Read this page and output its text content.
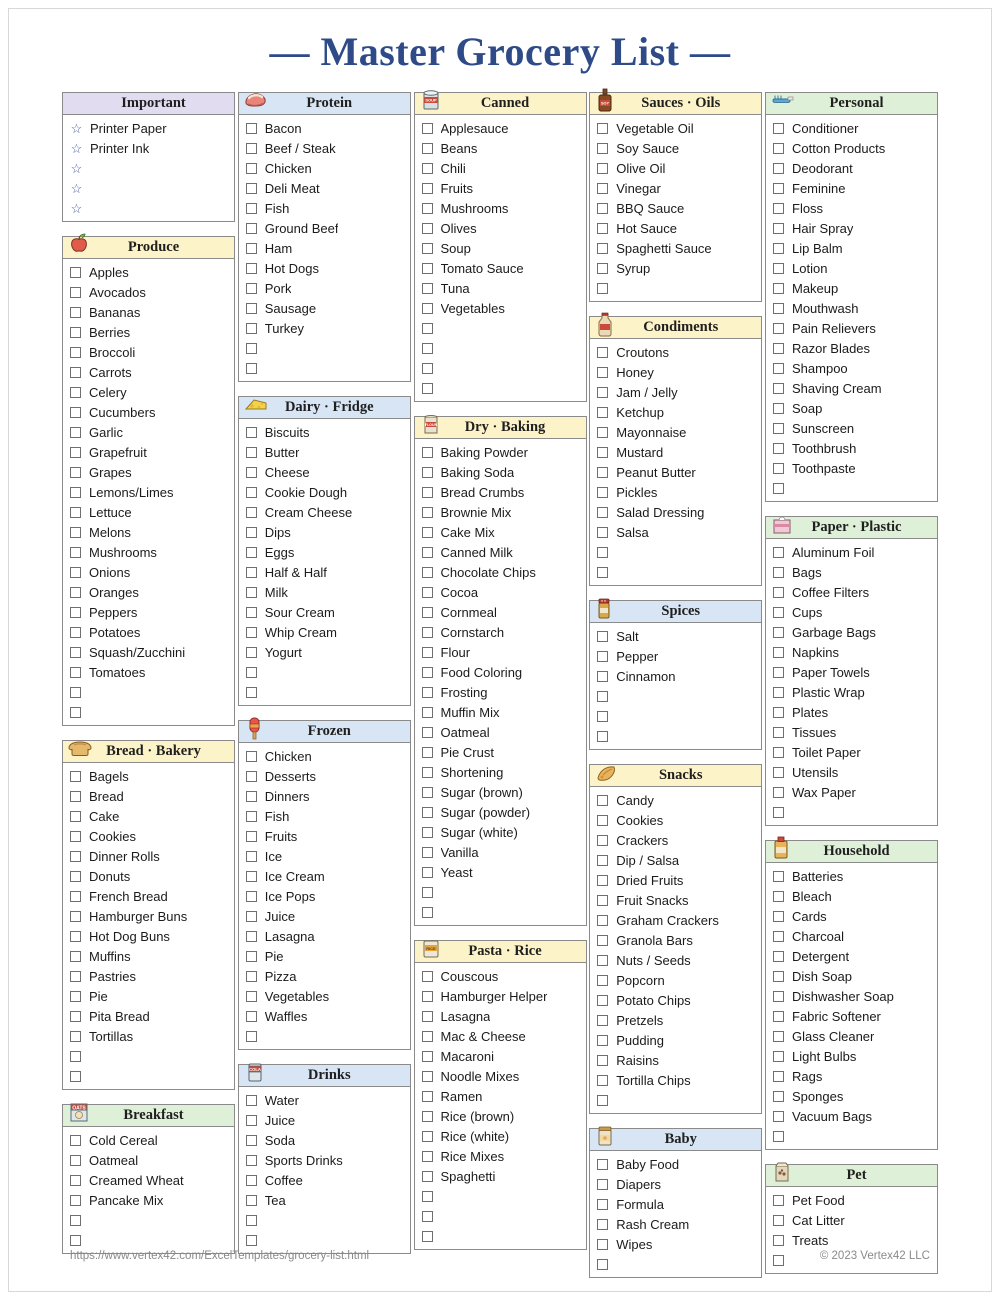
— Master Grocery List —
Important
☆ Printer Paper
☆ Printer Ink
☆
☆
☆
Produce
Apples
Avocados
Bananas
Berries
Broccoli
Carrots
Celery
Cucumbers
Garlic
Grapefruit
Grapes
Lemons/Limes
Lettuce
Melons
Mushrooms
Onions
Oranges
Peppers
Potatoes
Squash/Zucchini
Tomatoes
Bread · Bakery
Bagels
Bread
Cake
Cookies
Dinner Rolls
Donuts
French Bread
Hamburger Buns
Hot Dog Buns
Muffins
Pastries
Pie
Pita Bread
Tortillas
OATS	Breakfast
Cold Cereal
Oatmeal
Creamed Wheat
Pancake Mix
Protein
Bacon
Beef / Steak
Chicken
Deli Meat
Fish
Ground Beef
Ham
Hot Dogs
Pork
Sausage
Turkey
Dairy · Fridge
Biscuits
Butter
Cheese
Cookie Dough
Cream Cheese
Dips
Eggs
Half & Half
Milk
Sour Cream
Whip Cream
Yogurt
Frozen
Chicken
Desserts
Dinners
Fish
Fruits
Ice
Ice Cream
Ice Pops
Juice
Lasagna
Pie
Pizza
Vegetables
Waffles
COLA	Drinks
Water
Juice
Soda
Sports Drinks
Coffee
Tea
SOUP	Canned
Applesauce
Beans
Chili
Fruits
Mushrooms
Olives
Soup
Tomato Sauce
Tuna
Vegetables
FLOUR	Dry · Baking
Baking Powder
Baking Soda
Bread Crumbs
Brownie Mix
Cake Mix
Canned Milk
Chocolate Chips
Cocoa
Cornmeal
Cornstarch
Flour
Food Coloring
Frosting
Muffin Mix
Oatmeal
Pie Crust
Shortening
Sugar (brown)
Sugar (powder)
Sugar (white)
Vanilla
Yeast
RICE	Pasta · Rice
Couscous
Hamburger Helper
Lasagna
Mac & Cheese
Macaroni
Noodle Mixes
Ramen
Rice (brown)
Rice (white)
Rice Mixes
Spaghetti
SOY	Sauces · Oils
Vegetable Oil
Soy Sauce
Olive Oil
Vinegar
BBQ Sauce
Hot Sauce
Spaghetti Sauce
Syrup
Condiments
Croutons
Honey
Jam / Jelly
Ketchup
Mayonnaise
Mustard
Peanut Butter
Pickles
Salad Dressing
Salsa
Spices
Salt
Pepper
Cinnamon
Snacks
Candy
Cookies
Crackers
Dip / Salsa
Dried Fruits
Fruit Snacks
Graham Crackers
Granola Bars
Nuts / Seeds
Popcorn
Potato Chips
Pretzels
Pudding
Raisins
Tortilla Chips
Baby
Baby Food
Diapers
Formula
Rash Cream
Wipes
Personal
Conditioner
Cotton Products
Deodorant
Feminine
Floss
Hair Spray
Lip Balm
Lotion
Makeup
Mouthwash
Pain Relievers
Razor Blades
Shampoo
Shaving Cream
Soap
Sunscreen
Toothbrush
Toothpaste
Paper · Plastic
Aluminum Foil
Bags
Coffee Filters
Cups
Garbage Bags
Napkins
Paper Towels
Plastic Wrap
Plates
Tissues
Toilet Paper
Utensils
Wax Paper
Household
Batteries
Bleach
Cards
Charcoal
Detergent
Dish Soap
Dishwasher Soap
Fabric Softener
Glass Cleaner
Light Bulbs
Rags
Sponges
Vacuum Bags
Pet
Pet Food
Cat Litter
Treats
https://www.vertex42.com/ExcelTemplates/grocery-list.html	© 2023 Vertex42 LLC
